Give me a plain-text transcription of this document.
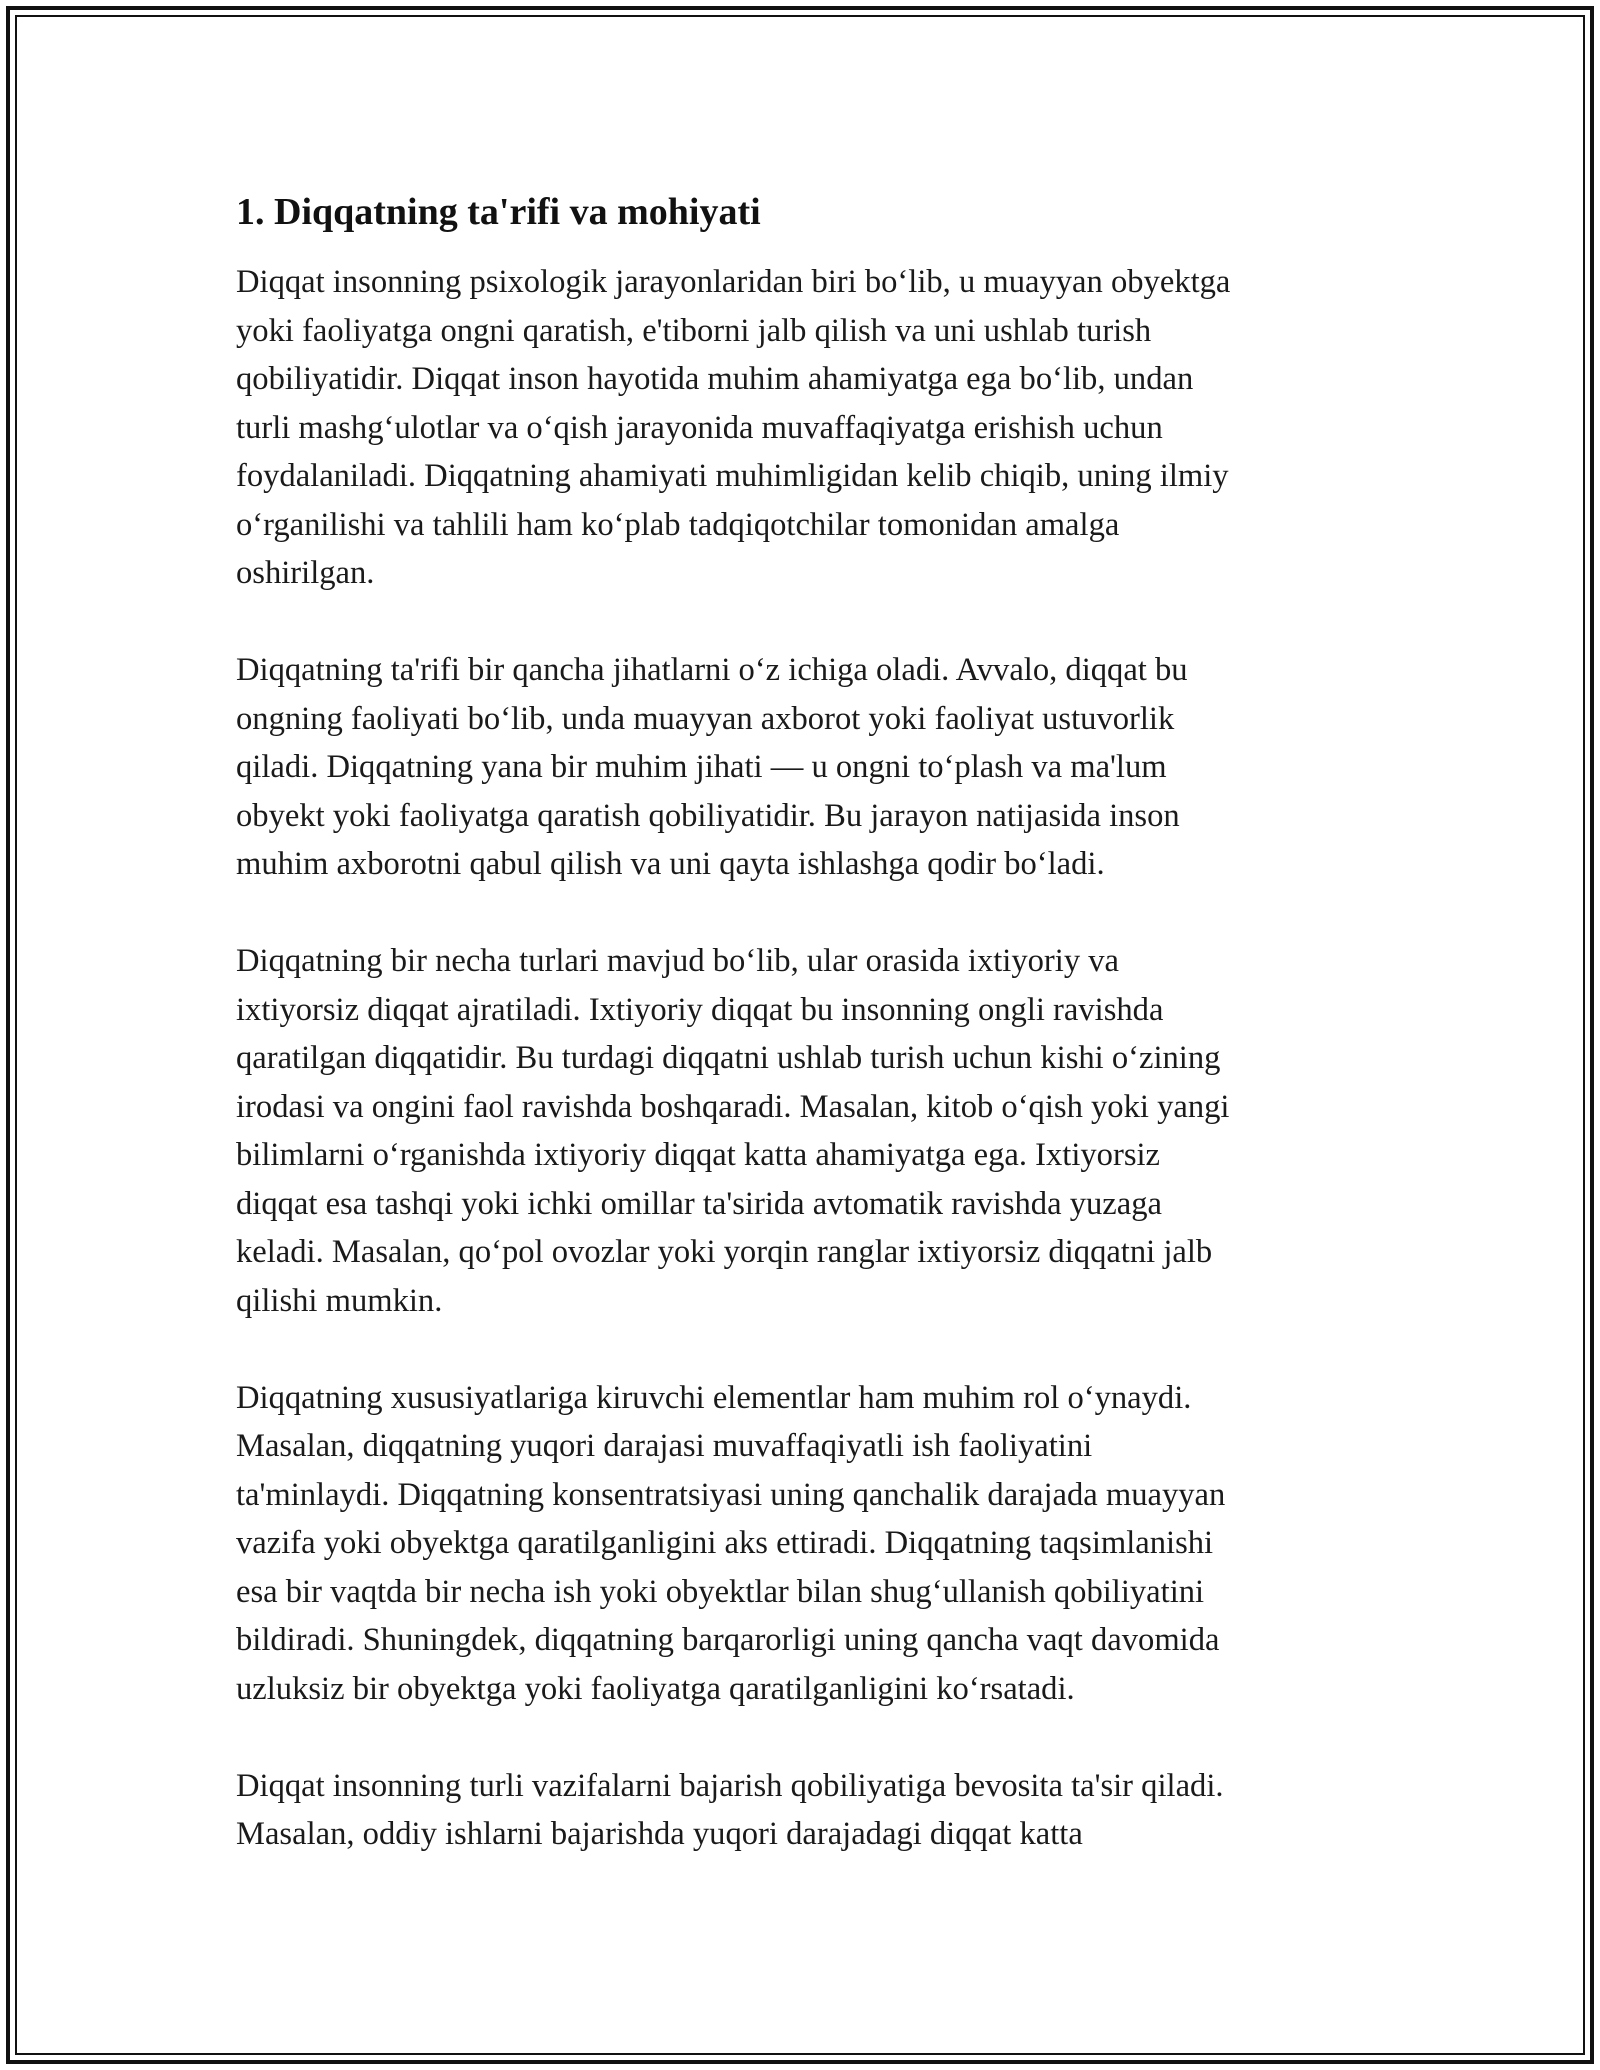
1. Diqqatning ta'rifi va mohiyati

Diqqat insonning psixologik jarayonlaridan biri bo‘lib, u muayyan obyektga
yoki faoliyatga ongni qaratish, e'tiborni jalb qilish va uni ushlab turish
qobiliyatidir. Diqqat inson hayotida muhim ahamiyatga ega bo‘lib, undan
turli mashg‘ulotlar va o‘qish jarayonida muvaffaqiyatga erishish uchun
foydalaniladi. Diqqatning ahamiyati muhimligidan kelib chiqib, uning ilmiy
o‘rganilishi va tahlili ham ko‘plab tadqiqotchilar tomonidan amalga
oshirilgan.

Diqqatning ta'rifi bir qancha jihatlarni o‘z ichiga oladi. Avvalo, diqqat bu
ongning faoliyati bo‘lib, unda muayyan axborot yoki faoliyat ustuvorlik
qiladi. Diqqatning yana bir muhim jihati — u ongni to‘plash va ma'lum
obyekt yoki faoliyatga qaratish qobiliyatidir. Bu jarayon natijasida inson
muhim axborotni qabul qilish va uni qayta ishlashga qodir bo‘ladi.

Diqqatning bir necha turlari mavjud bo‘lib, ular orasida ixtiyoriy va
ixtiyorsiz diqqat ajratiladi. Ixtiyoriy diqqat bu insonning ongli ravishda
qaratilgan diqqatidir. Bu turdagi diqqatni ushlab turish uchun kishi o‘zining
irodasi va ongini faol ravishda boshqaradi. Masalan, kitob o‘qish yoki yangi
bilimlarni o‘rganishda ixtiyoriy diqqat katta ahamiyatga ega. Ixtiyorsiz
diqqat esa tashqi yoki ichki omillar ta'sirida avtomatik ravishda yuzaga
keladi. Masalan, qo‘pol ovozlar yoki yorqin ranglar ixtiyorsiz diqqatni jalb
qilishi mumkin.

Diqqatning xususiyatlariga kiruvchi elementlar ham muhim rol o‘ynaydi.
Masalan, diqqatning yuqori darajasi muvaffaqiyatli ish faoliyatini
ta'minlaydi. Diqqatning konsentratsiyasi uning qanchalik darajada muayyan
vazifa yoki obyektga qaratilganligini aks ettiradi. Diqqatning taqsimlanishi
esa bir vaqtda bir necha ish yoki obyektlar bilan shug‘ullanish qobiliyatini
bildiradi. Shuningdek, diqqatning barqarorligi uning qancha vaqt davomida
uzluksiz bir obyektga yoki faoliyatga qaratilganligini ko‘rsatadi.

Diqqat insonning turli vazifalarni bajarish qobiliyatiga bevosita ta'sir qiladi.
Masalan, oddiy ishlarni bajarishda yuqori darajadagi diqqat katta
